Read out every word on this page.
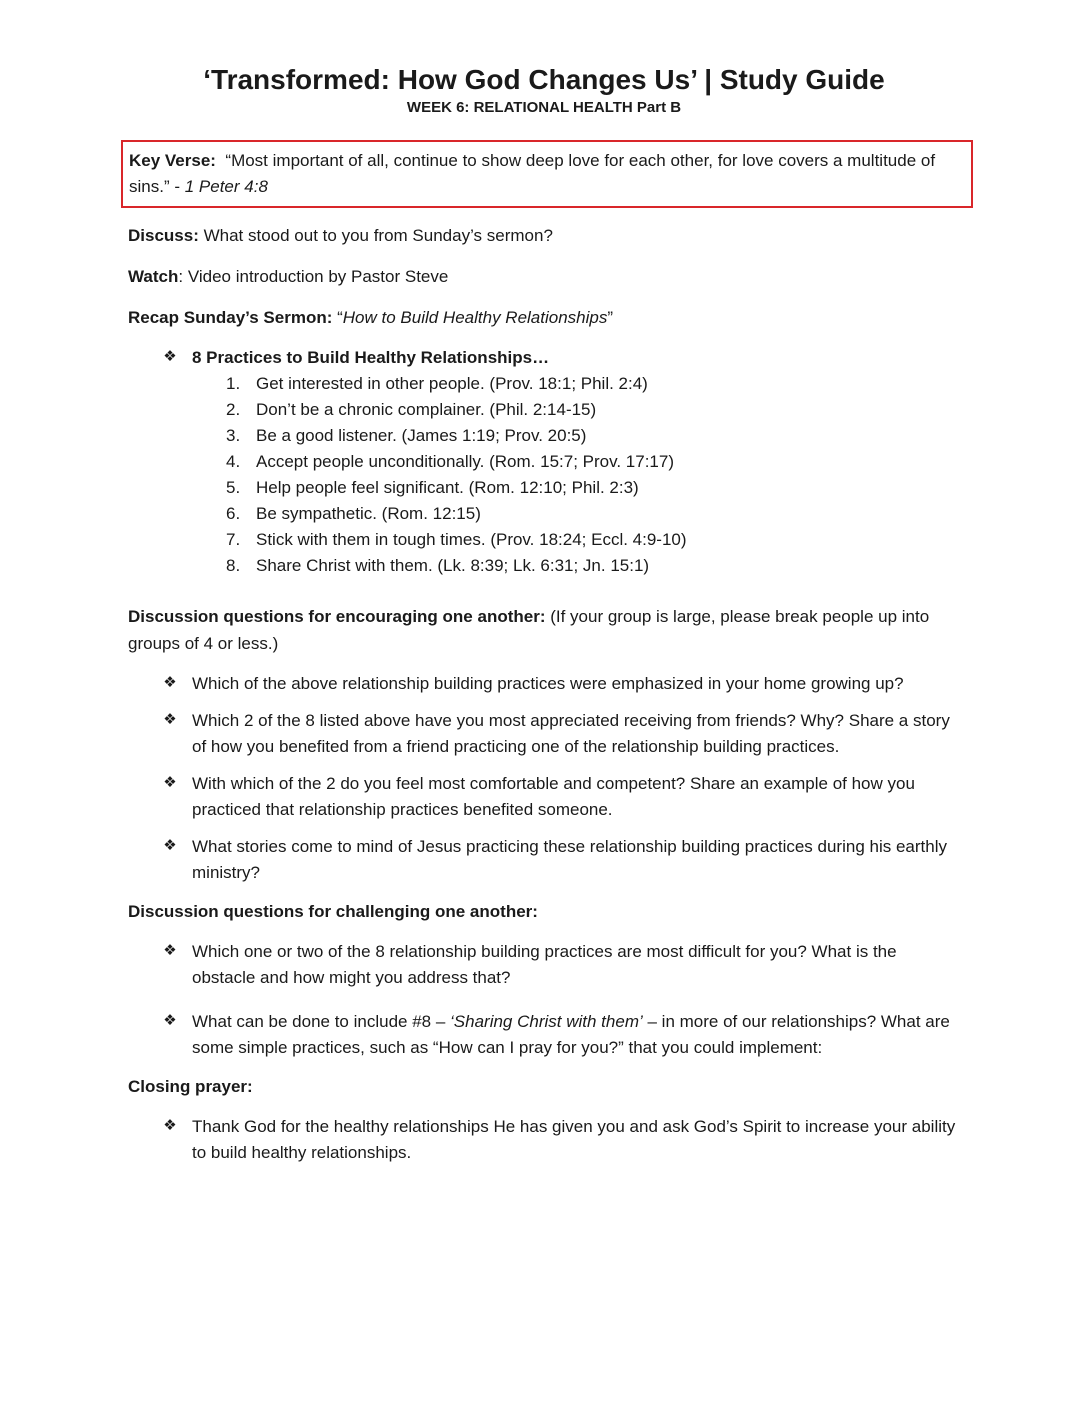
‘Transformed: How God Changes Us’ | Study Guide
WEEK 6: RELATIONAL HEALTH Part B
Key Verse: “Most important of all, continue to show deep love for each other, for love covers a multitude of sins.” - 1 Peter 4:8

Discuss: What stood out to you from Sunday’s sermon?

Watch: Video introduction by Pastor Steve

Recap Sunday’s Sermon: “How to Build Healthy Relationships”

❖ 8 Practices to Build Healthy Relationships…
1. Get interested in other people. (Prov. 18:1; Phil. 2:4)
2. Don’t be a chronic complainer. (Phil. 2:14-15)
3. Be a good listener. (James 1:19; Prov. 20:5)
4. Accept people unconditionally. (Rom. 15:7; Prov. 17:17)
5. Help people feel significant. (Rom. 12:10; Phil. 2:3)
6. Be sympathetic. (Rom. 12:15)
7. Stick with them in tough times. (Prov. 18:24; Eccl. 4:9-10)
8. Share Christ with them. (Lk. 8:39; Lk. 6:31; Jn. 15:1)

Discussion questions for encouraging one another: (If your group is large, please break people up into groups of 4 or less.)

❖ Which of the above relationship building practices were emphasized in your home growing up?
❖ Which 2 of the 8 listed above have you most appreciated receiving from friends? Why? Share a story of how you benefited from a friend practicing one of the relationship building practices.
❖ With which of the 2 do you feel most comfortable and competent? Share an example of how you practiced that relationship practices benefited someone.
❖ What stories come to mind of Jesus practicing these relationship building practices during his earthly ministry?

Discussion questions for challenging one another:

❖ Which one or two of the 8 relationship building practices are most difficult for you? What is the obstacle and how might you address that?
❖ What can be done to include #8 – ‘Sharing Christ with them’ – in more of our relationships? What are some simple practices, such as “How can I pray for you?” that you could implement:

Closing prayer:

❖ Thank God for the healthy relationships He has given you and ask God’s Spirit to increase your ability to build healthy relationships.
